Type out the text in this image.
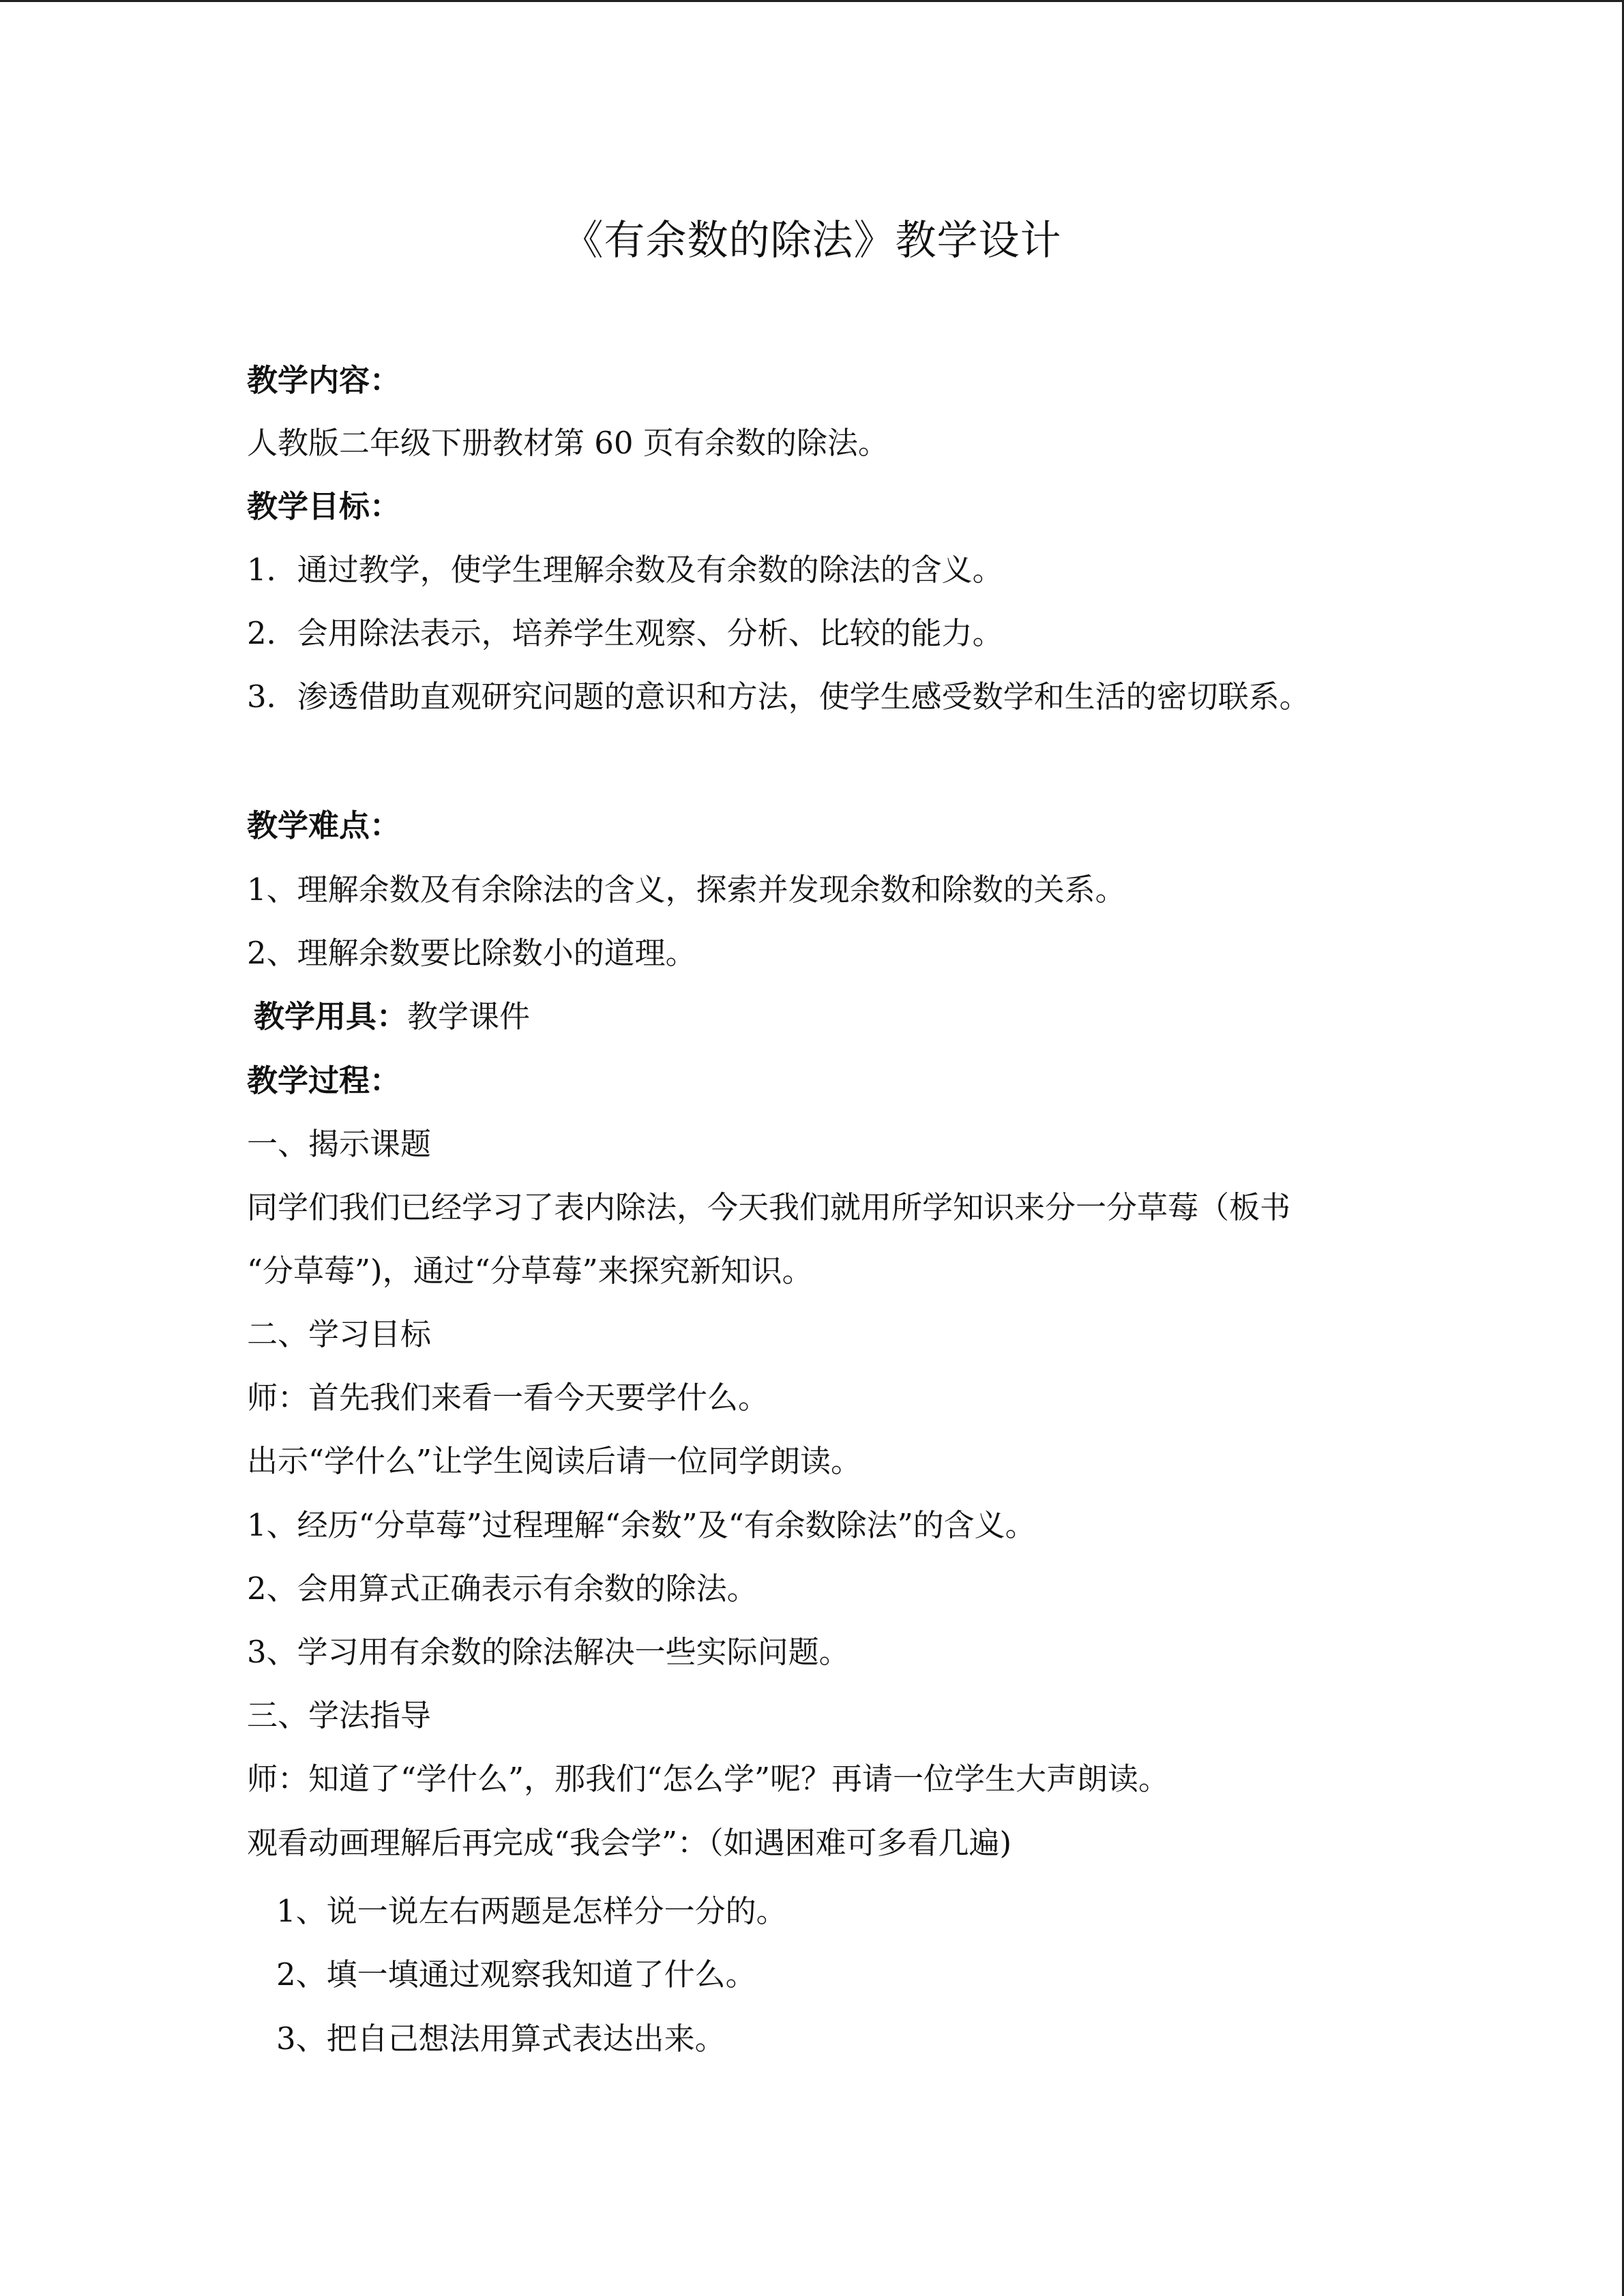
《有余数的除法》教学设计
教学内容：
人教版二年级下册教材第 60 页有余数的除法。
教学目标：
1．通过教学，使学生理解余数及有余数的除法的含义。
2．会用除法表示，培养学生观察、分析、比较的能力。
3．渗透借助直观研究问题的意识和方法，使学生感受数学和生活的密切联系。
教学难点：
1、理解余数及有余除法的含义，探索并发现余数和除数的关系。
2、理解余数要比除数小的道理。
教学用具：教学课件
教学过程：
一、揭示课题
同学们我们已经学习了表内除法，今天我们就用所学知识来分一分草莓（板书
“分草莓”)，通过“分草莓”来探究新知识。
二、学习目标
师：首先我们来看一看今天要学什么。
出示“学什么”让学生阅读后请一位同学朗读。
1、经历“分草莓”过程理解“余数”及“有余数除法”的含义。
2、会用算式正确表示有余数的除法。
3、学习用有余数的除法解决一些实际问题。
三、学法指导
师：知道了“学什么”，那我们“怎么学”呢？再请一位学生大声朗读。
观看动画理解后再完成“我会学”：（如遇困难可多看几遍)
1、说一说左右两题是怎样分一分的。
2、填一填通过观察我知道了什么。
3、把自己想法用算式表达出来。
